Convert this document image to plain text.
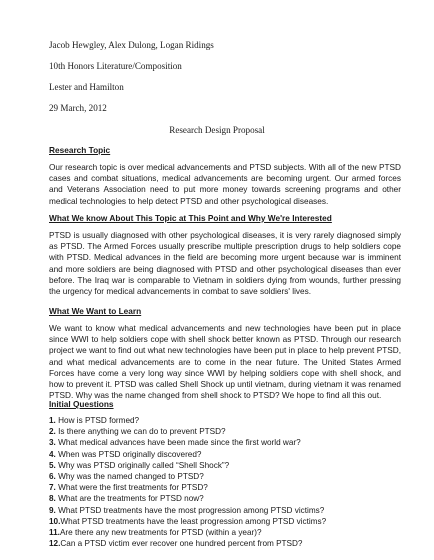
Jacob Hewgley, Alex Dulong, Logan Ridings
10th Honors Literature/Composition
Lester and Hamilton
29 March, 2012
Research Design Proposal
Research Topic
Our research topic is over medical advancements and PTSD subjects. With all of the new PTSD cases and combat situations, medical advancements are becoming urgent. Our armed forces and Veterans Association need to put more money towards screening programs and other medical technologies to help detect PTSD and other psychological diseases.
What We know About This Topic at This Point and Why We're Interested
PTSD is usually diagnosed with other psychological diseases, it is very rarely diagnosed simply as PTSD. The Armed Forces usually prescribe multiple prescription drugs to help soldiers cope with PTSD. Medical advances in the field are becoming more urgent because war is imminent and more soldiers are being diagnosed with PTSD and other psychological diseases than ever before. The Iraq war is comparable to Vietnam in soldiers dying from wounds, further pressing the urgency for medical advancements in combat to save soldiers' lives.
What We Want to Learn
We want to know what medical advancements and new technologies have been put in place since WWI to help soldiers cope with shell shock better known as PTSD. Through our research project we want to find out what new technologies have been put in place to help prevent PTSD, and what medical advancements are to come in the near future. The United States Armed Forces have come a very long way since WWI by helping soldiers cope with shell shock, and how to prevent it. PTSD was called Shell Shock up until vietnam, during vietnam it was renamed PTSD. Why was the name changed from shell shock to PTSD? We hope to find all this out.
Initial Questions
1. How is PTSD formed?
2. Is there anything we can do to prevent PTSD?
3. What medical advances have been made since the first world war?
4. When was PTSD originally discovered?
5. Why was PTSD originally called “Shell Shock”?
6. Why was the named changed to PTSD?
7. What were the first treatments for PTSD?
8. What are the treatments for PTSD now?
9. What PTSD treatments have the most progression among PTSD victims?
10.What PTSD treatments have the least progression among PTSD victims?
11.Are there any new treatments for PTSD (within a year)?
12.Can a PTSD victim ever recover one hundred percent from PTSD?
